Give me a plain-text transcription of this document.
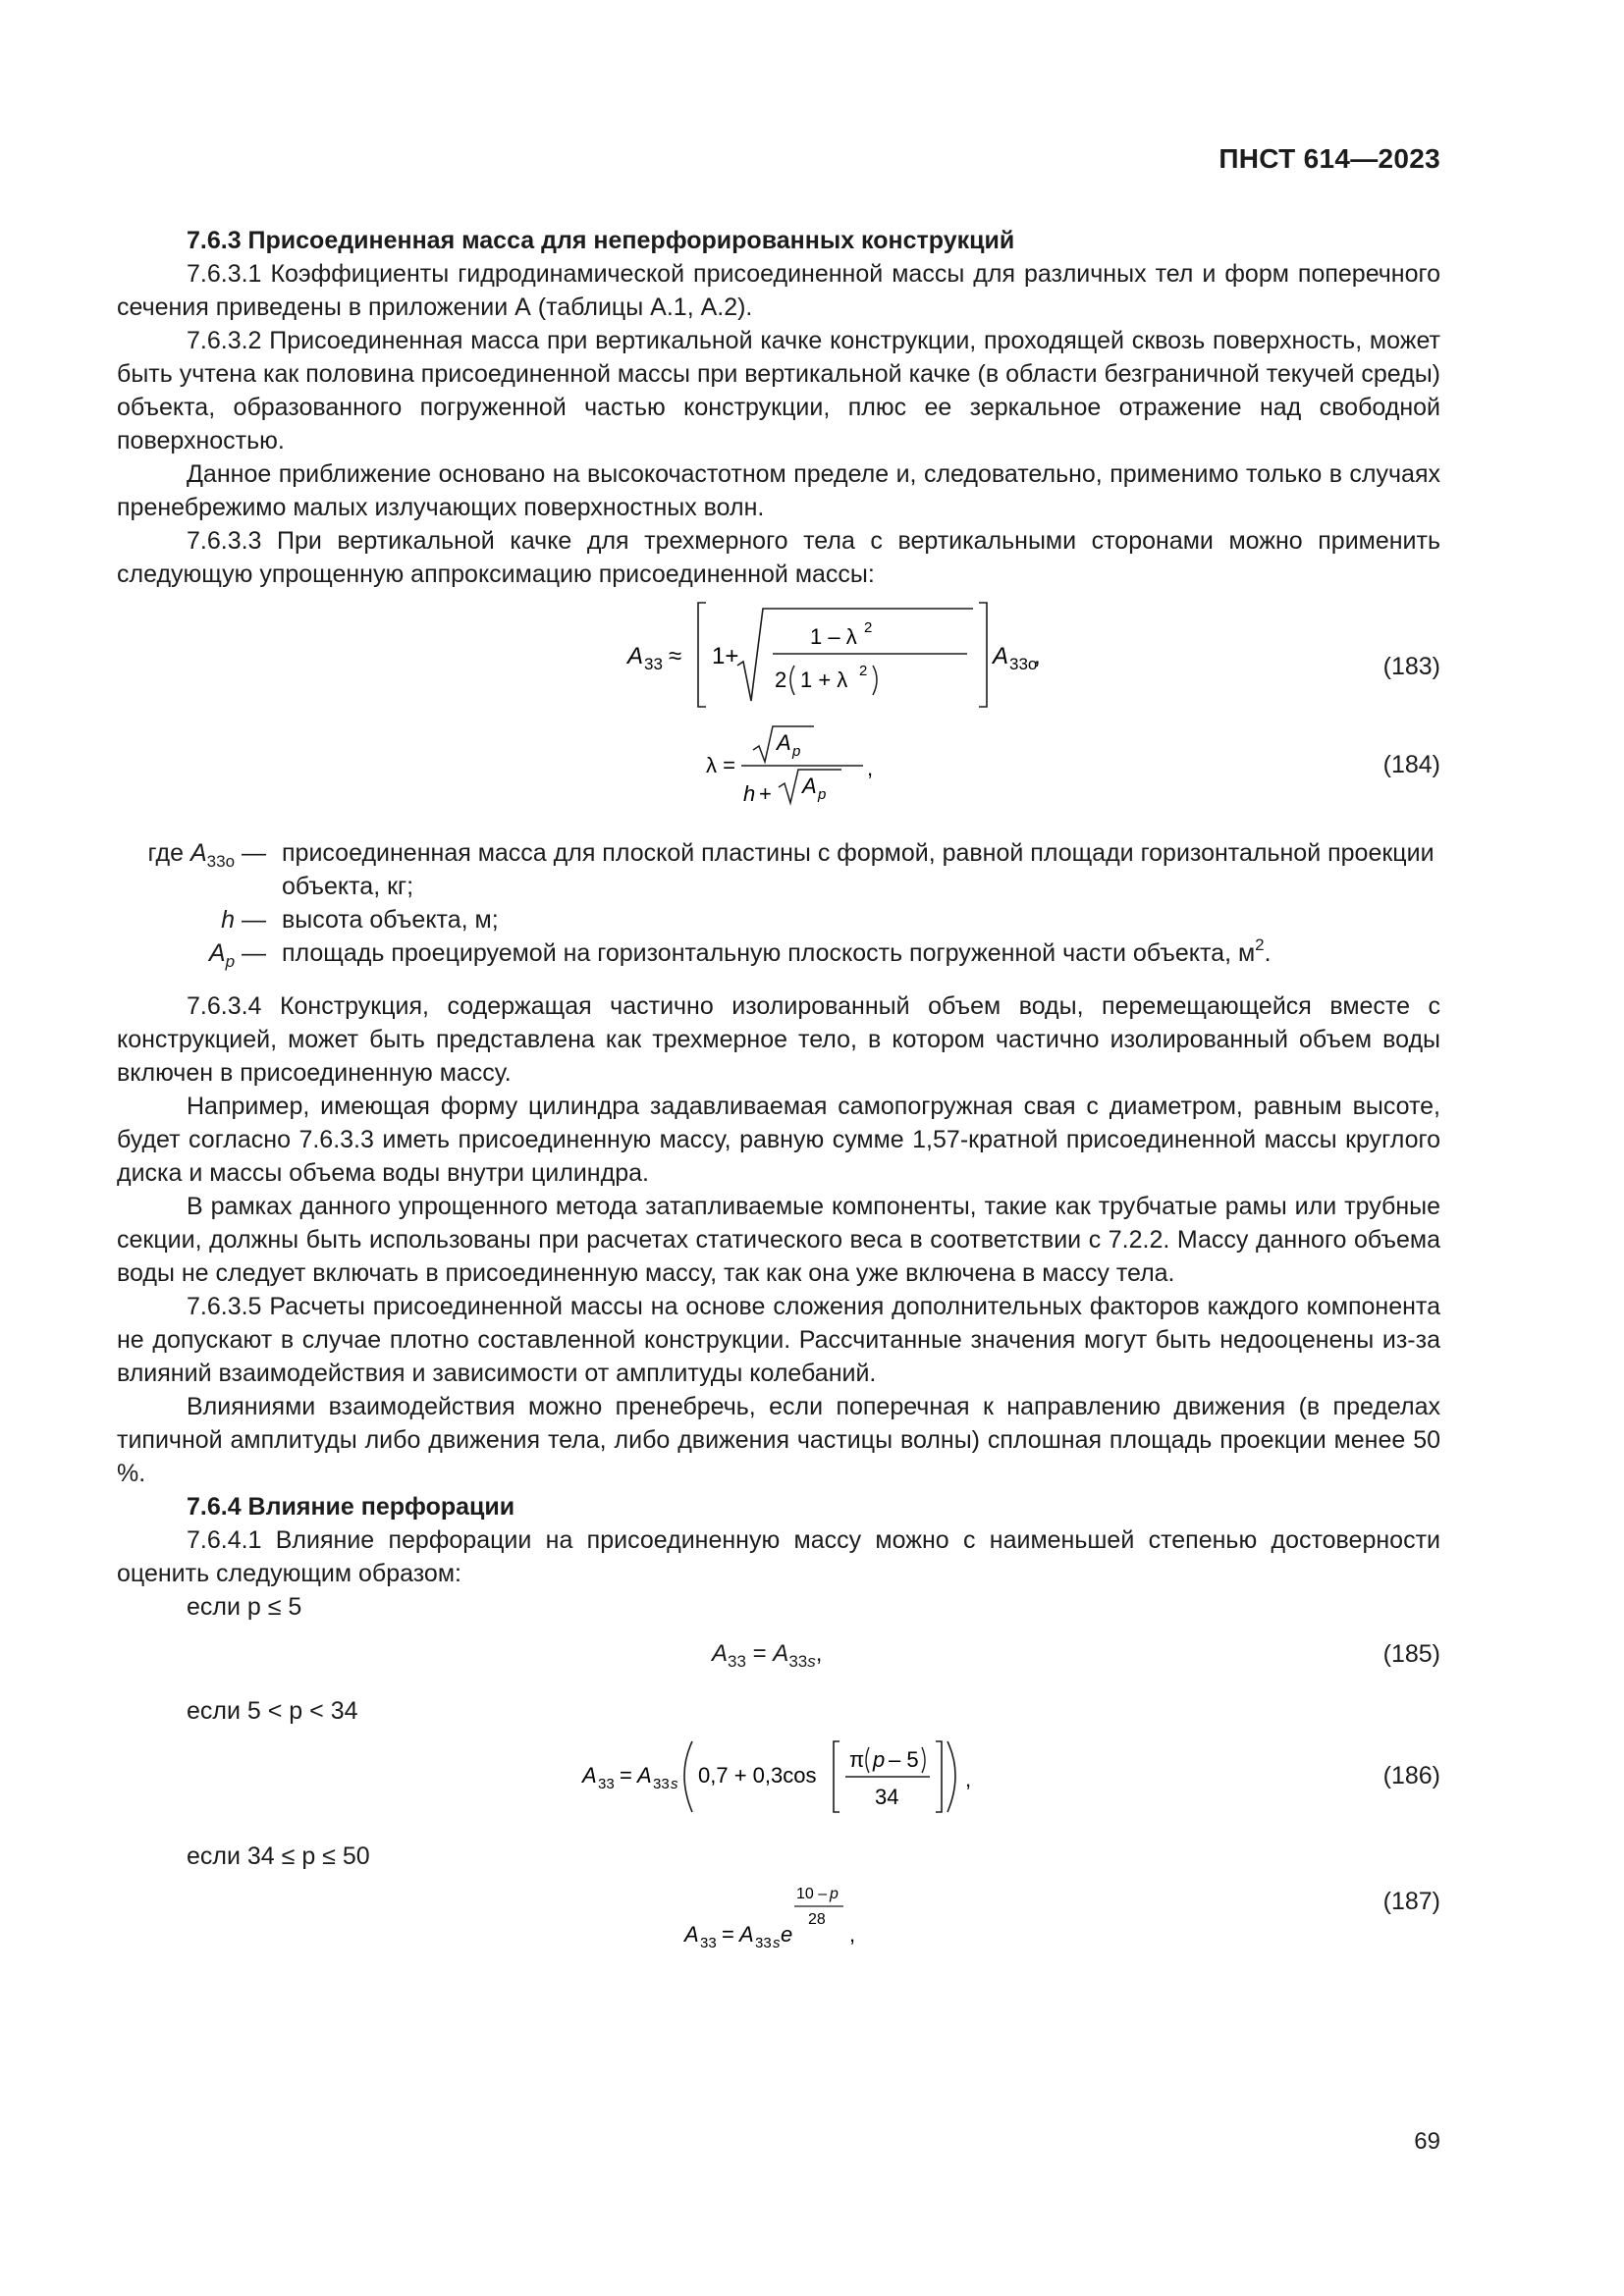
ПНСТ 614—2023

7.6.3 Присоединенная масса для неперфорированных конструкций

7.6.3.1 Коэффициенты гидродинамической присоединенной массы для различных тел и форм поперечного сечения приведены в приложении А (таблицы А.1, А.2).

7.6.3.2 Присоединенная масса при вертикальной качке конструкции, проходящей сквозь поверхность, может быть учтена как половина присоединенной массы при вертикальной качке (в области безграничной текучей среды) объекта, образованного погруженной частью конструкции, плюс ее зеркальное отражение над свободной поверхностью.

Данное приближение основано на высокочастотном пределе и, следовательно, применимо только в случаях пренебрежимо малых излучающих поверхностных волн.

7.6.3.3 При вертикальной качке для трехмерного тела с вертикальными сторонами можно применить следующую упрощенную аппроксимацию присоединенной массы:

A 33 ≈ 1+
1 – λ 2
2 1 + λ 2
A 33о
,	(183)
λ =
A p
h + A p
,	(184)
где $A_{33о}$ — присоединенная масса для плоской пластины с формой, равной площади горизонтальной проекции объекта, кг;
h — высота объекта, м;
$A_p$ — площадь проецируемой на горизонтальную плоскость погруженной части объекта, $м^2$.

7.6.3.4 Конструкция, содержащая частично изолированный объем воды, перемещающейся вместе с конструкцией, может быть представлена как трехмерное тело, в котором частично изолированный объем воды включен в присоединенную массу.

Например, имеющая форму цилиндра задавливаемая самопогружная свая с диаметром, равным высоте, будет согласно 7.6.3.3 иметь присоединенную массу, равную сумме 1,57-кратной присоединенной массы круглого диска и массы объема воды внутри цилиндра.

В рамках данного упрощенного метода затапливаемые компоненты, такие как трубчатые рамы или трубные секции, должны быть использованы при расчетах статического веса в соответствии с 7.2.2. Массу данного объема воды не следует включать в присоединенную массу, так как она уже включена в массу тела.

7.6.3.5 Расчеты присоединенной массы на основе сложения дополнительных факторов каждого компонента не допускают в случае плотно составленной конструкции. Рассчитанные значения могут быть недооценены из-за влияний взаимодействия и зависимости от амплитуды колебаний.

Влияниями взаимодействия можно пренебречь, если поперечная к направлению движения (в пределах типичной амплитуды либо движения тела, либо движения частицы волны) сплошная площадь проекции менее 50 %.

7.6.4 Влияние перфорации

7.6.4.1 Влияние перфорации на присоединенную массу можно с наименьшей степенью достоверности оценить следующим образом:

если p ≤ 5

$A_{33} = A_{33s}$,	(185)

если 5 < p < 34

A 33 = A 33 s 0,7 + 0,3cos
π p – 5
34
,	(186)

если 34 ≤ p ≤ 50

A 33 = A 33 s e
10 – p
28
,
(187)
69
